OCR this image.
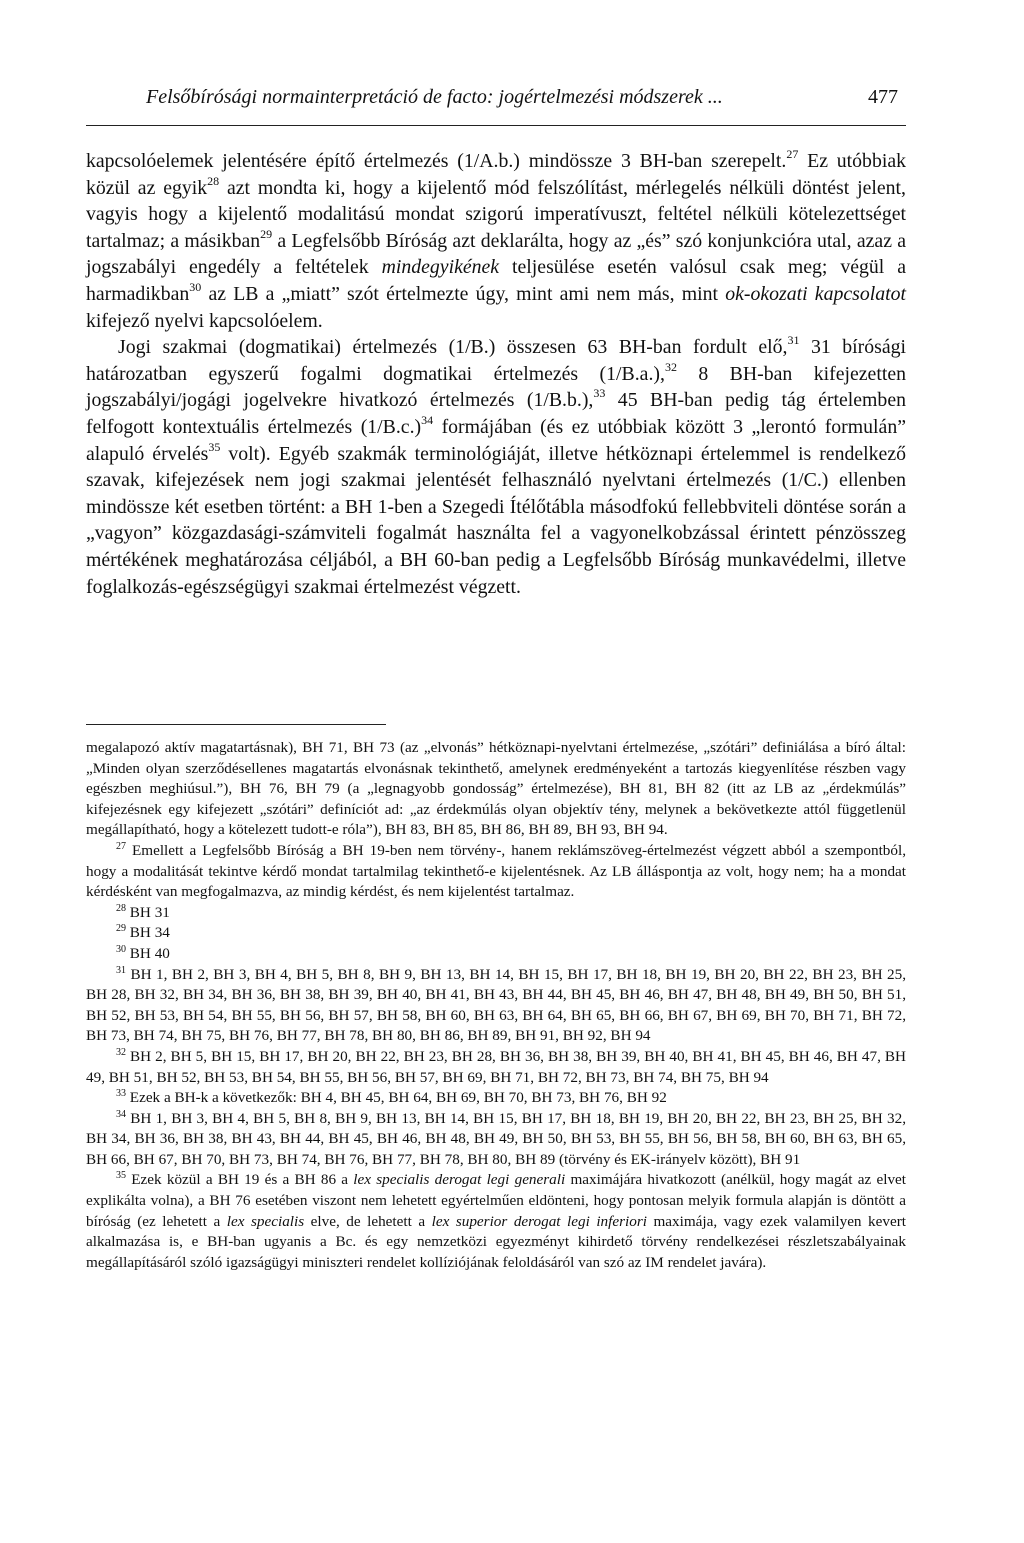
Felsőbírósági normainterpretáció de facto: jogértelmezési módszerek ...	477

kapcsolóelemek jelentésére építő értelmezés (1/A.b.) mindössze 3 BH-ban szerepelt.$^{27}$ Ez utóbbiak közül az egyik$^{28}$ azt mondta ki, hogy a kijelentő mód felszólítást, mérlegelés nélküli döntést jelent, vagyis hogy a kijelentő modalitású mondat szigorú imperatívuszt, feltétel nélküli kötelezettséget tartalmaz; a másikban$^{29}$ a Legfelsőbb Bíróság azt deklarálta, hogy az „és” szó konjunkcióra utal, azaz a jogszabályi engedély a feltételek mindegyikének teljesülése esetén valósul csak meg; végül a harmadikban$^{30}$ az LB a „miatt” szót értelmezte úgy, mint ami nem más, mint ok-okozati kapcsolatot kifejező nyelvi kapcsolóelem.

Jogi szakmai (dogmatikai) értelmezés (1/B.) összesen 63 BH-ban fordult elő,$^{31}$ 31 bírósági határozatban egyszerű fogalmi dogmatikai értelmezés (1/B.a.),$^{32}$ 8 BH-ban kifejezetten jogszabályi/jogági jogelvekre hivatkozó értelmezés (1/B.b.),$^{33}$ 45 BH-ban pedig tág értelemben felfogott kontextuális értelmezés $(1/B.c.)^{34}$ formájában (és ez utóbbiak között 3 „lerontó formulán” alapuló érvelés$^{35}$ volt). Egyéb szakmák terminológiáját, illetve hétköznapi értelemmel is rendelkező szavak, kifejezések nem jogi szakmai jelentését felhasználó nyelvtani értelmezés (1/C.) ellenben mindössze két esetben történt: a BH 1-ben a Szegedi Ítélőtábla másodfokú fellebbviteli döntése során a „vagyon” közgazdasági-számviteli fogalmát használta fel a vagyonelkobzással érintett pénzösszeg mértékének meghatározása céljából, a BH 60-ban pedig a Legfelsőbb Bíróság munkavédelmi, illetve foglalkozás-egészségügyi szakmai értelmezést végzett.

megalapozó aktív magatartásnak), BH 71, BH 73 (az „elvonás” hétköznapi-nyelvtani értelmezése, „szótári” definiálása a bíró által: „Minden olyan szerződésellenes magatartás elvonásnak tekinthető, amelynek eredményeként a tartozás kiegyenlítése részben vagy egészben meghiúsul.”), BH 76, BH 79 (a „legnagyobb gondosság” értelmezése), BH 81, BH 82 (itt az LB az „érdekmúlás” kifejezésnek egy kifejezett „szótári” definíciót ad: „az érdekmúlás olyan objektív tény, melynek a bekövetkezte attól függetlenül megállapítható, hogy a kötelezett tudott-e róla”), BH 83, BH 85, BH 86, BH 89, BH 93, BH 94.

$^{27}$ Emellett a Legfelsőbb Bíróság a BH 19-ben nem törvény-, hanem reklámszöveg-értelmezést végzett abból a szempontból, hogy a modalitását tekintve kérdő mondat tartalmilag tekinthető-e kijelentésnek. Az LB álláspontja az volt, hogy nem; ha a mondat kérdésként van megfogalmazva, az mindig kérdést, és nem kijelentést tartalmaz.

$^{28}$ BH 31

$^{29}$ BH 34

$^{30}$ BH 40

$^{31}$ BH 1, BH 2, BH 3, BH 4, BH 5, BH 8, BH 9, BH 13, BH 14, BH 15, BH 17, BH 18, BH 19, BH 20, BH 22, BH 23, BH 25, BH 28, BH 32, BH 34, BH 36, BH 38, BH 39, BH 40, BH 41, BH 43, BH 44, BH 45, BH 46, BH 47, BH 48, BH 49, BH 50, BH 51, BH 52, BH 53, BH 54, BH 55, BH 56, BH 57, BH 58, BH 60, BH 63, BH 64, BH 65, BH 66, BH 67, BH 69, BH 70, BH 71, BH 72, BH 73, BH 74, BH 75, BH 76, BH 77, BH 78, BH 80, BH 86, BH 89, BH 91, BH 92, BH 94

$^{32}$ BH 2, BH 5, BH 15, BH 17, BH 20, BH 22, BH 23, BH 28, BH 36, BH 38, BH 39, BH 40, BH 41, BH 45, BH 46, BH 47, BH 49, BH 51, BH 52, BH 53, BH 54, BH 55, BH 56, BH 57, BH 69, BH 71, BH 72, BH 73, BH 74, BH 75, BH 94

$^{33}$ Ezek a BH-k a következők: BH 4, BH 45, BH 64, BH 69, BH 70, BH 73, BH 76, BH 92

$^{34}$ BH 1, BH 3, BH 4, BH 5, BH 8, BH 9, BH 13, BH 14, BH 15, BH 17, BH 18, BH 19, BH 20, BH 22, BH 23, BH 25, BH 32, BH 34, BH 36, BH 38, BH 43, BH 44, BH 45, BH 46, BH 48, BH 49, BH 50, BH 53, BH 55, BH 56, BH 58, BH 60, BH 63, BH 65, BH 66, BH 67, BH 70, BH 73, BH 74, BH 76, BH 77, BH 78, BH 80, BH 89 (törvény és EK-irányelv között), BH 91

$^{35}$ Ezek közül a BH 19 és a BH 86 a lex specialis derogat legi generali maximájára hivatkozott (anélkül, hogy magát az elvet explikálta volna), a BH 76 esetében viszont nem lehetett egyértelműen eldönteni, hogy pontosan melyik formula alapján is döntött a bíróság (ez lehetett a lex specialis elve, de lehetett a lex superior derogat legi inferiori maximája, vagy ezek valamilyen kevert alkalmazása is, e BH-ban ugyanis a Bc. és egy nemzetközi egyezményt kihirdető törvény rendelkezései részletszabályainak megállapításáról szóló igazságügyi miniszteri rendelet kollíziójának feloldásáról van szó az IM rendelet javára).
